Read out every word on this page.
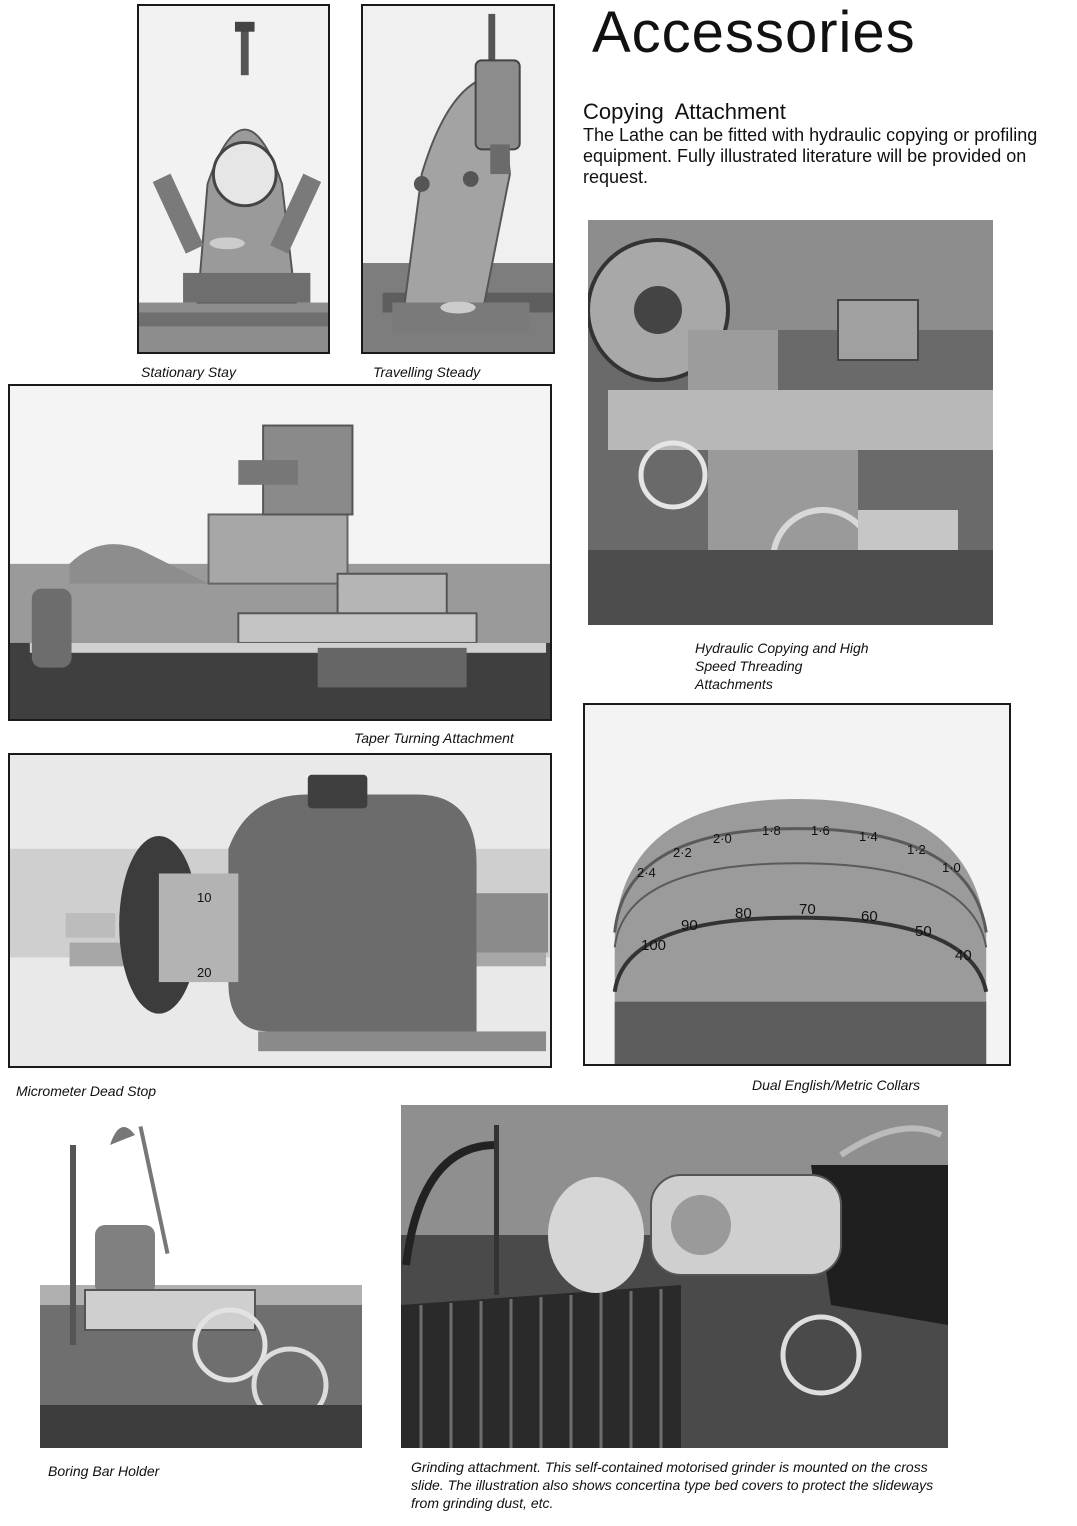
Accessories
Copying Attachment
The Lathe can be fitted with hydraulic copying or profiling equipment. Fully illustrated literature will be provided on request.
Stationary Stay	Travelling Steady
Taper Turning Attachment
Hydraulic Copying and High Speed Threading Attachments
10
20
Micrometer Dead Stop
2·4
2·2
2·0
1·8 1·6 1·4
1·2
1·0
100
90
80	70	60
50
40
Dual English/Metric Collars
Boring Bar Holder	Grinding attachment. This self-contained motorised grinder is mounted on the cross slide. The illustration also shows concertina type bed covers to protect the slideways from grinding dust, etc.
